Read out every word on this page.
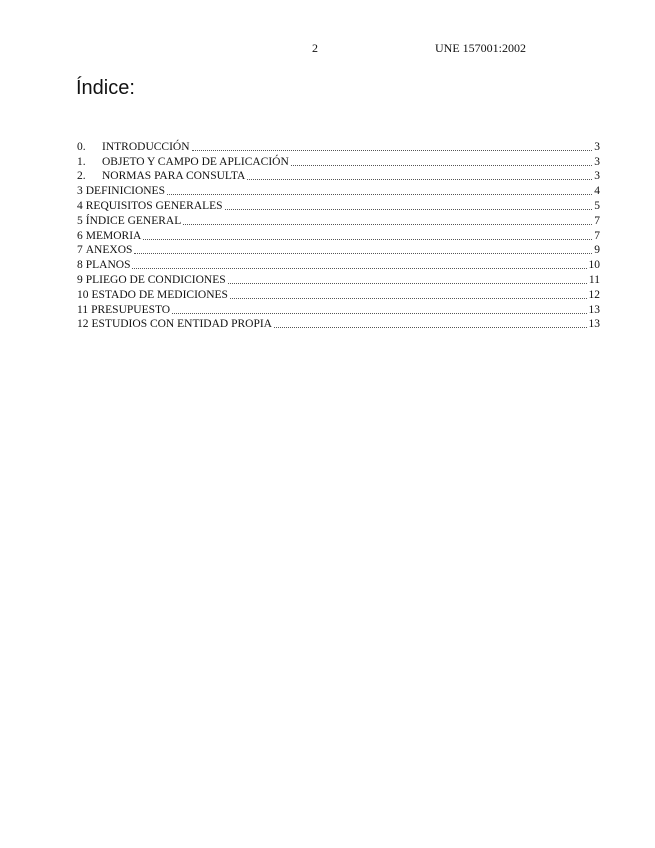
2	UNE 157001:2002
Índice:
0.	INTRODUCCIÓN	3
1.	OBJETO Y CAMPO DE APLICACIÓN	3
2.	NORMAS PARA CONSULTA	3
3 DEFINICIONES	4
4 REQUISITOS GENERALES	5
5 ÍNDICE GENERAL	7
6 MEMORIA	7
7 ANEXOS	9
8 PLANOS	10
9 PLIEGO DE CONDICIONES	11
10 ESTADO DE MEDICIONES	12
11 PRESUPUESTO	13
12 ESTUDIOS CON ENTIDAD PROPIA	13
